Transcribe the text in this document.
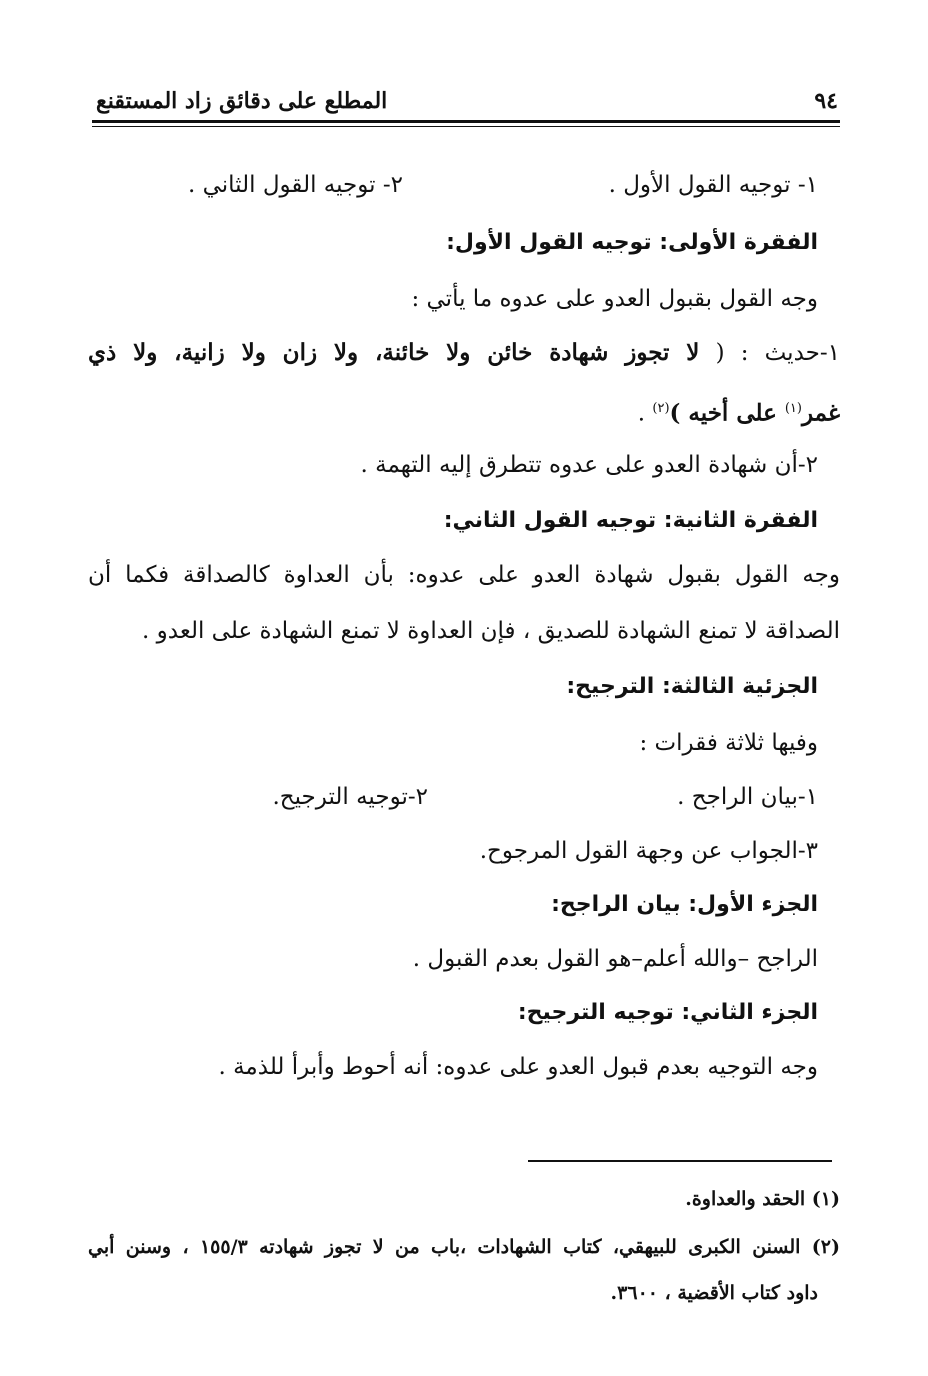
٩٤
المطلع على دقائق زاد المستقنع
١- توجيه القول الأول .
٢- توجيه القول الثاني .
الفقرة الأولى: توجيه القول الأول:
وجه القول بقبول العدو على عدوه ما يأتي :
١-حديث : ( لا تجوز شهادة خائن ولا خائنة، ولا زان ولا زانية، ولا ذي
غمر$^{(١)}$ على أخيه )$^{(٢)}$ .
٢-أن شهادة العدو على عدوه تتطرق إليه التهمة .
الفقرة الثانية: توجيه القول الثاني:
وجه القول بقبول شهادة العدو على عدوه: بأن العداوة كالصداقة فكما أن
الصداقة لا تمنع الشهادة للصديق ، فإن العداوة لا تمنع الشهادة على العدو .
الجزئية الثالثة: الترجيح:
وفيها ثلاثة فقرات :
١-بيان الراجح .
٢-توجيه الترجيح.
٣-الجواب عن وجهة القول المرجوح.
الجزء الأول: بيان الراجح:
الراجح –والله أعلم–هو القول بعدم القبول .
الجزء الثاني: توجيه الترجيح:
وجه التوجيه بعدم قبول العدو على عدوه: أنه أحوط وأبرأ للذمة .
(١) الحقد والعداوة.
(٢) السنن الكبرى للبيهقي، كتاب الشهادات ،باب من لا تجوز شهادته ١٥٥/٣ ، وسنن أبي
داود كتاب الأقضية ، ٣٦٠٠.
